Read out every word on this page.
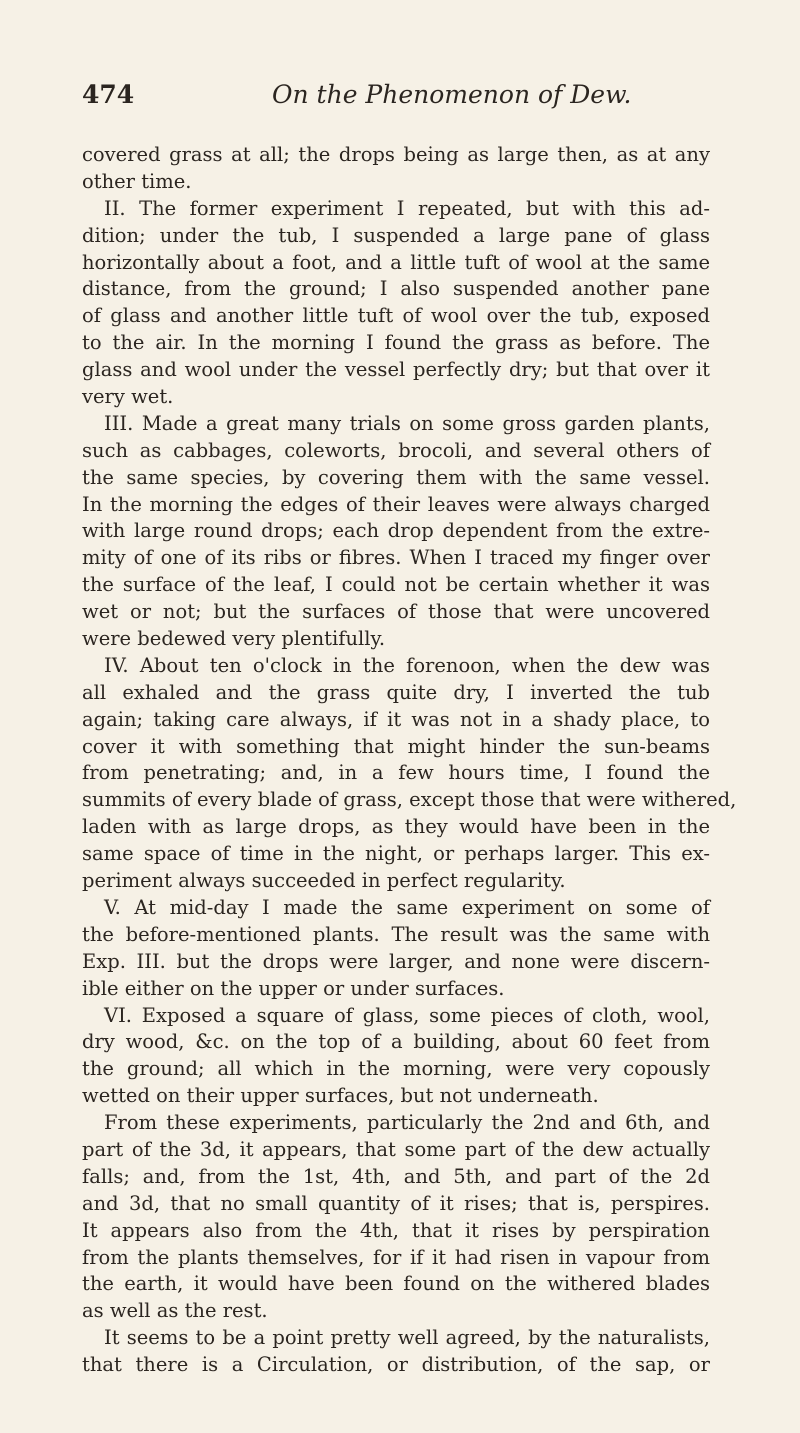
474	On the Phenomenon of Dew.
covered grass at all; the drops being as large then, as at any
other time.
II. The former experiment I repeated, but with this ad-
dition; under the tub, I suspended a large pane of glass
horizontally about a foot, and a little tuft of wool at the same
distance, from the ground; I also suspended another pane
of glass and another little tuft of wool over the tub, exposed
to the air. In the morning I found the grass as before. The
glass and wool under the vessel perfectly dry; but that over it
very wet.
III. Made a great many trials on some gross garden plants,
such as cabbages, coleworts, brocoli, and several others of
the same species, by covering them with the same vessel.
In the morning the edges of their leaves were always charged
with large round drops; each drop dependent from the extre-
mity of one of its ribs or fibres. When I traced my finger over
the surface of the leaf, I could not be certain whether it was
wet or not; but the surfaces of those that were uncovered
were bedewed very plentifully.
IV. About ten o'clock in the forenoon, when the dew was
all exhaled and the grass quite dry, I inverted the tub
again; taking care always, if it was not in a shady place, to
cover it with something that might hinder the sun-beams
from penetrating; and, in a few hours time, I found the
summits of every blade of grass, except those that were withered,
laden with as large drops, as they would have been in the
same space of time in the night, or perhaps larger. This ex-
periment always succeeded in perfect regularity.
V. At mid-day I made the same experiment on some of
the before-mentioned plants. The result was the same with
Exp. III. but the drops were larger, and none were discern-
ible either on the upper or under surfaces.
VI. Exposed a square of glass, some pieces of cloth, wool,
dry wood, &c. on the top of a building, about 60 feet from
the ground; all which in the morning, were very copously
wetted on their upper surfaces, but not underneath.
From these experiments, particularly the 2nd and 6th, and
part of the 3d, it appears, that some part of the dew actually
falls; and, from the 1st, 4th, and 5th, and part of the 2d
and 3d, that no small quantity of it rises; that is, perspires.
It appears also from the 4th, that it rises by perspiration
from the plants themselves, for if it had risen in vapour from
the earth, it would have been found on the withered blades
as well as the rest.
It seems to be a point pretty well agreed, by the naturalists,
that there is a Circulation, or distribution, of the sap, or
